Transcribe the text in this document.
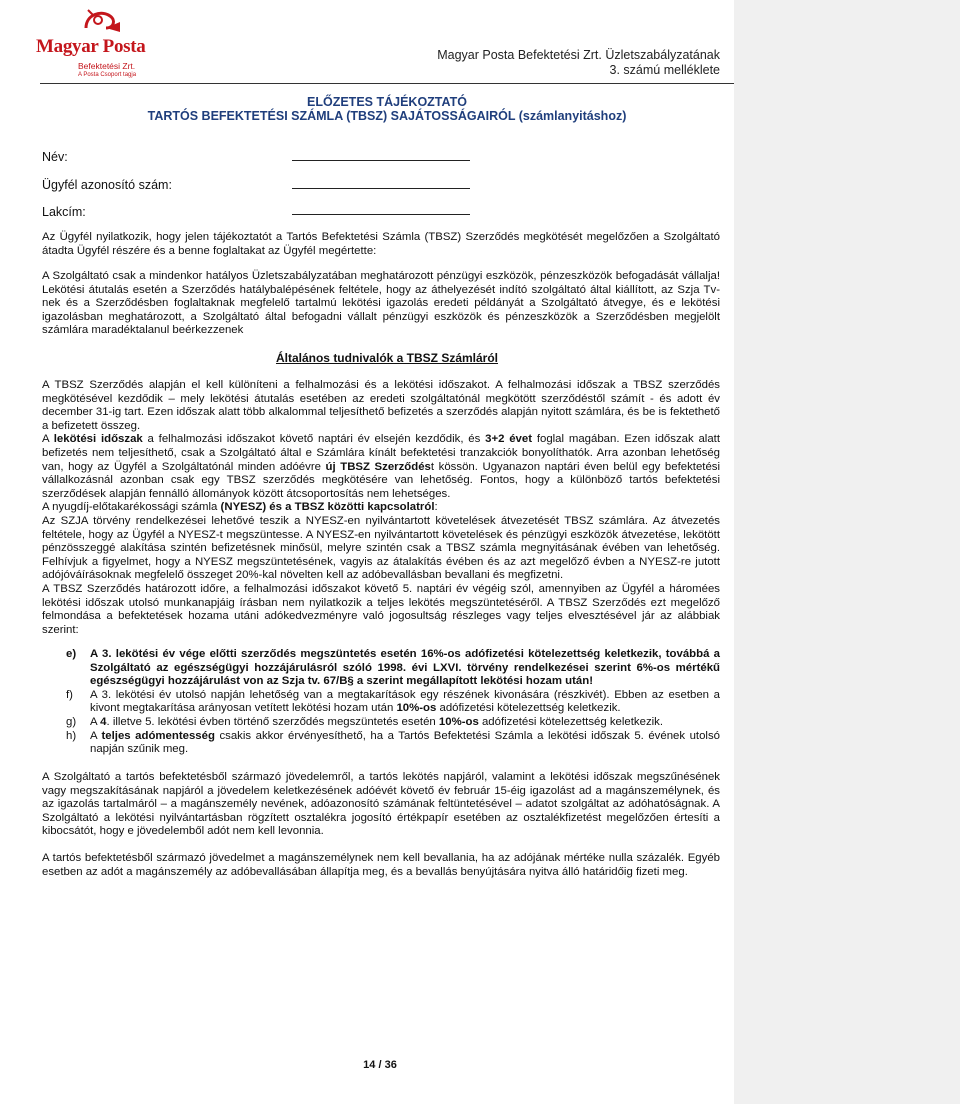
Magyar Posta
Befektetési Zrt.
A Posta Csoport tagja
Magyar Posta Befektetési Zrt. Üzletszabályzatának
3. számú melléklete
ELŐZETES TÁJÉKOZTATÓ
TARTÓS BEFEKTETÉSI SZÁMLA (TBSZ) SAJÁTOSSÁGAIRÓL (számlanyitáshoz)
Név:
Ügyfél azonosító szám:
Lakcím:
Az Ügyfél nyilatkozik, hogy jelen tájékoztatót a Tartós Befektetési Számla (TBSZ) Szerződés megkötését megelőzően a Szolgáltató átadta Ügyfél részére és a benne foglaltakat az Ügyfél megértette:
A Szolgáltató csak a mindenkor hatályos Üzletszabályzatában meghatározott pénzügyi eszközök, pénzeszközök befogadását vállalja! Lekötési átutalás esetén a Szerződés hatálybalépésének feltétele, hogy az áthelyezését indító szolgáltató által kiállított, az Szja Tv-nek és a Szerződésben foglaltaknak megfelelő tartalmú lekötési igazolás eredeti példányát a Szolgáltató átvegye, és e lekötési igazolásban meghatározott, a Szolgáltató által befogadni vállalt pénzügyi eszközök és pénzeszközök a Szerződésben megjelölt számlára maradéktalanul beérkezzenek
Általános tudnivalók a TBSZ Számláról

A TBSZ Szerződés alapján el kell különíteni a felhalmozási és a lekötési időszakot. A felhalmozási időszak a TBSZ szerződés megkötésével kezdődik – mely lekötési átutalás esetében az eredeti szolgáltatónál megkötött szerződéstől számít - és adott év december 31-ig tart. Ezen időszak alatt több alkalommal teljesíthető befizetés a szerződés alapján nyitott számlára, és be is fektethető a befizetett összeg.

A lekötési időszak a felhalmozási időszakot követő naptári év elsején kezdődik, és 3+2 évet foglal magában. Ezen időszak alatt befizetés nem teljesíthető, csak a Szolgáltató által e Számlára kínált befektetési tranzakciók bonyolíthatók. Arra azonban lehetőség van, hogy az Ügyfél a Szolgáltatónál minden adóévre új TBSZ Szerződést kössön. Ugyanazon naptári éven belül egy befektetési vállalkozásnál azonban csak egy TBSZ szerződés megkötésére van lehetőség. Fontos, hogy a különböző tartós befektetési szerződések alapján fennálló állományok között átcsoportosítás nem lehetséges.

A nyugdíj-előtakarékossági számla (NYESZ) és a TBSZ közötti kapcsolatról:

Az SZJA törvény rendelkezései lehetővé teszik a NYESZ-en nyilvántartott követelések átvezetését TBSZ számlára. Az átvezetés feltétele, hogy az Ügyfél a NYESZ-t megszüntesse. A NYESZ-en nyilvántartott követelések és pénzügyi eszközök átvezetése, lekötött pénzösszeggé alakítása szintén befizetésnek minősül, melyre szintén csak a TBSZ számla megnyitásának évében van lehetőség. Felhívjuk a figyelmet, hogy a NYESZ megszüntetésének, vagyis az átalakítás évében és az azt megelőző évben a NYESZ-re jutott adójóváírásoknak megfelelő összeget 20%-kal növelten kell az adóbevallásban bevallani és megfizetni.

A TBSZ Szerződés határozott időre, a felhalmozási időszakot követő 5. naptári év végéig szól, amennyiben az Ügyfél a háromées lekötési időszak utolsó munkanapjáig írásban nem nyilatkozik a teljes lekötés megszüntetéséről. A TBSZ Szerződés ezt megelőző felmondása a befektetések hozama utáni adókedvezményre való jogosultság részleges vagy teljes elvesztésével jár az alábbiak szerint:

e) A 3. lekötési év vége előtti szerződés megszüntetés esetén 16%-os adófizetési kötelezettség keletkezik, továbbá a Szolgáltató az egészségügyi hozzájárulásról szóló 1998. évi LXVI. törvény rendelkezései szerint 6%-os mértékű egészségügyi hozzájárulást von az Szja tv. 67/B§ a szerint megállapított lekötési hozam után!
f) A 3. lekötési év utolsó napján lehetőség van a megtakarítások egy részének kivonására (részkivét). Ebben az esetben a kivont megtakarítása arányosan vetített lekötési hozam után 10%-os adófizetési kötelezettség keletkezik.
g) A 4. illetve 5. lekötési évben történő szerződés megszüntetés esetén 10%-os adófizetési kötelezettség keletkezik.
h) A teljes adómentesség csakis akkor érvényesíthető, ha a Tartós Befektetési Számla a lekötési időszak 5. évének utolsó napján szűnik meg.
A Szolgáltató a tartós befektetésből származó jövedelemről, a tartós lekötés napjáról, valamint a lekötési időszak megszűnésének vagy megszakításának napjáról a jövedelem keletkezésének adóévét követő év február 15-éig igazolást ad a magánszemélynek, és az igazolás tartalmáról – a magánszemély nevének, adóazonosító számának feltüntetésével – adatot szolgáltat az adóhatóságnak. A Szolgáltató a lekötési nyilvántartásban rögzített osztalékra jogosító értékpapír esetében az osztalékfizetést megelőzően értesíti a kibocsátót, hogy e jövedelemből adót nem kell levonnia.
A tartós befektetésből származó jövedelmet a magánszemélynek nem kell bevallania, ha az adójának mértéke nulla százalék. Egyéb esetben az adót a magánszemély az adóbevallásában állapítja meg, és a bevallás benyújtására nyitva álló határidőig fizeti meg.
14 / 36
